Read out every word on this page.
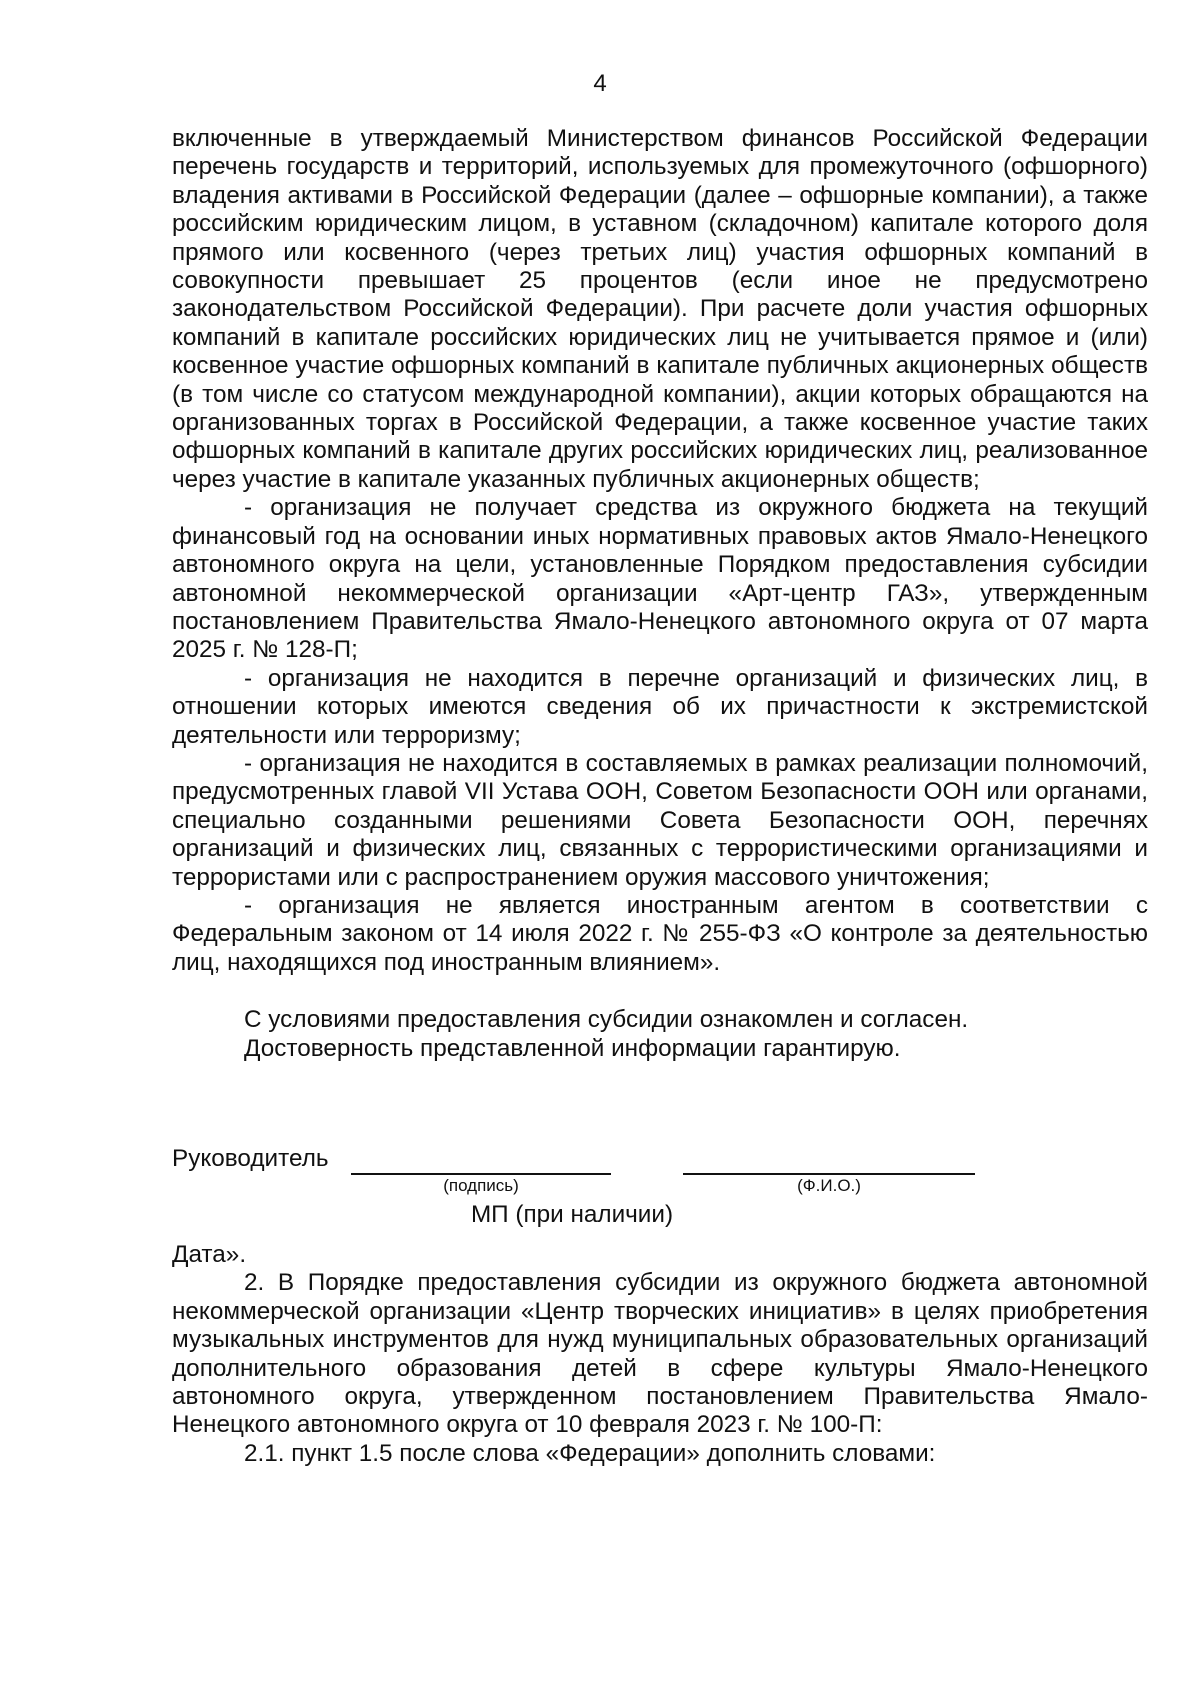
4

включенные в утверждаемый Министерством финансов Российской Федерации перечень государств и территорий, используемых для промежуточного (офшорного) владения активами в Российской Федерации (далее – офшорные компании), а также российским юридическим лицом, в уставном (складочном) капитале которого доля прямого или косвенного (через третьих лиц) участия офшорных компаний в совокупности превышает 25 процентов (если иное не предусмотрено законодательством Российской Федерации). При расчете доли участия офшорных компаний в капитале российских юридических лиц не учитывается прямое и (или) косвенное участие офшорных компаний в капитале публичных акционерных обществ (в том числе со статусом международной компании), акции которых обращаются на организованных торгах в Российской Федерации, а также косвенное участие таких офшорных компаний в капитале других российских юридических лиц, реализованное через участие в капитале указанных публичных акционерных обществ;

- организация не получает средства из окружного бюджета на текущий финансовый год на основании иных нормативных правовых актов Ямало-Ненецкого автономного округа на цели, установленные Порядком предоставления субсидии автономной некоммерческой организации «Арт-центр ГАЗ», утвержденным постановлением Правительства Ямало-Ненецкого автономного округа от 07 марта 2025 г. № 128-П;

- организация не находится в перечне организаций и физических лиц, в отношении которых имеются сведения об их причастности к экстремистской деятельности или терроризму;

- организация не находится в составляемых в рамках реализации полномочий, предусмотренных главой VII Устава ООН, Советом Безопасности ООН или органами, специально созданными решениями Совета Безопасности ООН, перечнях организаций и физических лиц, связанных с террористическими организациями и террористами или с распространением оружия массового уничтожения;

- организация не является иностранным агентом в соответствии с Федеральным законом от 14 июля 2022 г. № 255-ФЗ «О контроле за деятельностью лиц, находящихся под иностранным влиянием».

С условиями предоставления субсидии ознакомлен и согласен.

Достоверность представленной информации гарантирую.

Руководитель
(подпись)	(Ф.И.О.)
МП (при наличии)

Дата».

2. В Порядке предоставления субсидии из окружного бюджета автономной некоммерческой организации «Центр творческих инициатив» в целях приобретения музыкальных инструментов для нужд муниципальных образовательных организаций дополнительного образования детей в сфере культуры Ямало-Ненецкого автономного округа, утвержденном постановлением Правительства Ямало-Ненецкого автономного округа от 10 февраля 2023 г. № 100-П:

2.1. пункт 1.5 после слова «Федерации» дополнить словами:
